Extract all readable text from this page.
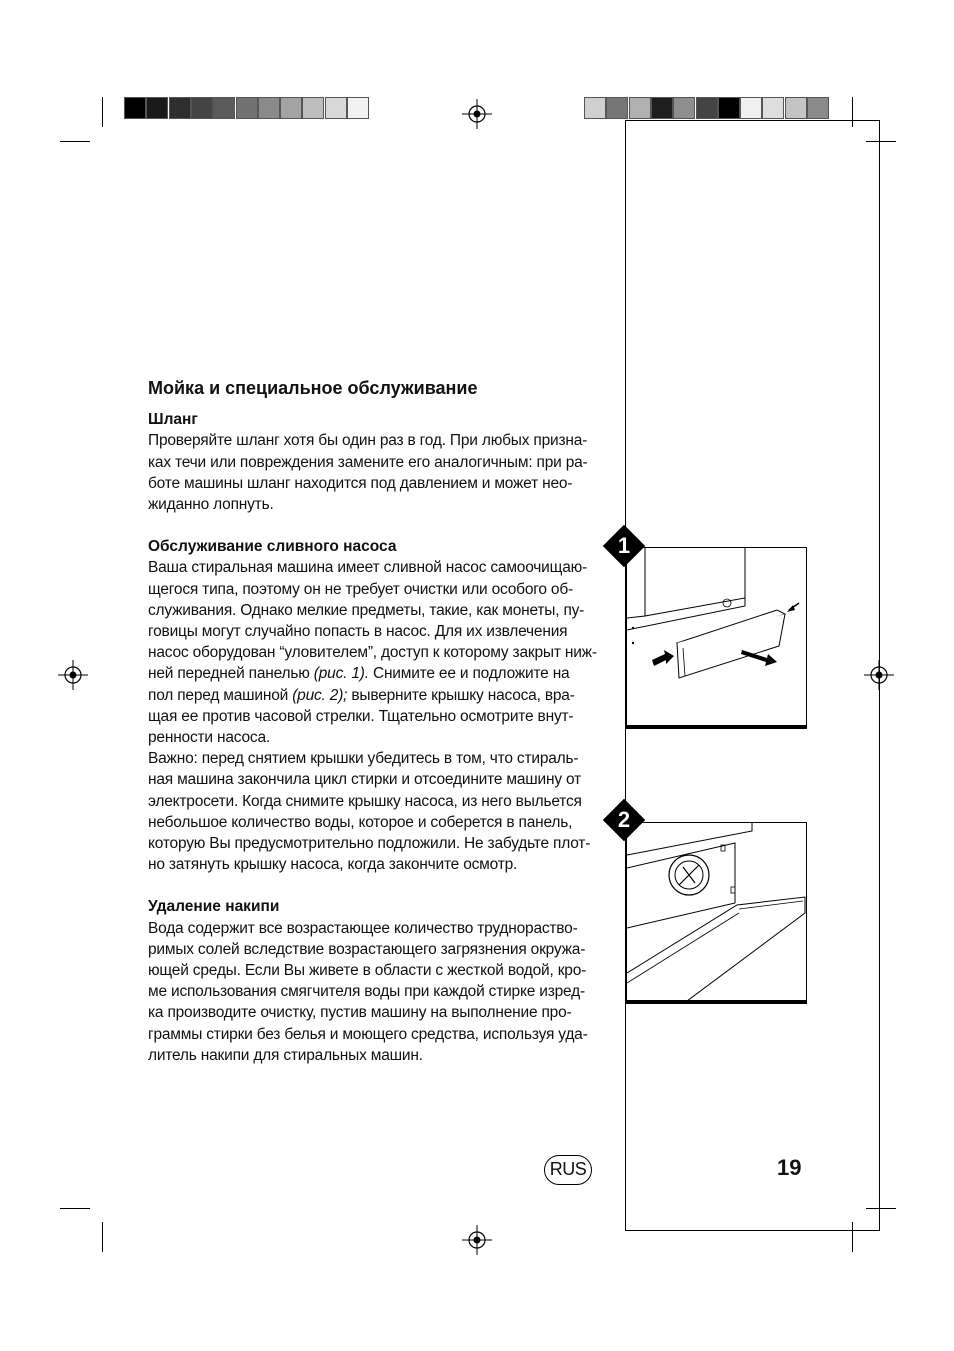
Мойка и специальное обслуживание
Шланг
Проверяйте шланг хотя бы один раз в год. При любых призна-
ках течи или повреждения замените его аналогичным: при ра-
боте машины шланг находится под давлением и может нео-
жиданно лопнуть.
Обслуживание сливного насоса
Ваша стиральная машина имеет сливной насос самоочищаю-
щегося типа, поэтому он не требует очистки или особого об-
служивания. Однако мелкие предметы, такие, как монеты, пу-
говицы могут случайно попасть в насос. Для их извлечения
насос оборудован “уловителем”, доступ к которому закрыт ниж-
ней передней панелью (рис. 1). Снимите ее и подложите на
пол перед машиной (рис. 2); выверните крышку насоса, вра-
щая ее против часовой стрелки. Тщательно осмотрите внут-
ренности насоса.
Важно: перед снятием крышки убедитесь в том, что стираль-
ная машина закончила цикл стирки и отсоедините машину от
электросети. Когда снимите крышку насоса, из него выльется
небольшое количество воды, которое и соберется в панель,
которую Вы предусмотрительно подложили. Не забудьте плот-
но затянуть крышку насоса, когда закончите осмотр.
Удаление накипи
Вода содержит все возрастающее количество труднораство-
римых солей вследствие возрастающего загрязнения окружа-
ющей среды. Если Вы живете в области с жесткой водой, кро-
ме использования смягчителя воды при каждой стирке изред-
ка производите очистку, пустив машину на выполнение про-
граммы стирки без белья и моющего средства, используя уда-
литель накипи для стиральных машин.
1
2
RUS	19
